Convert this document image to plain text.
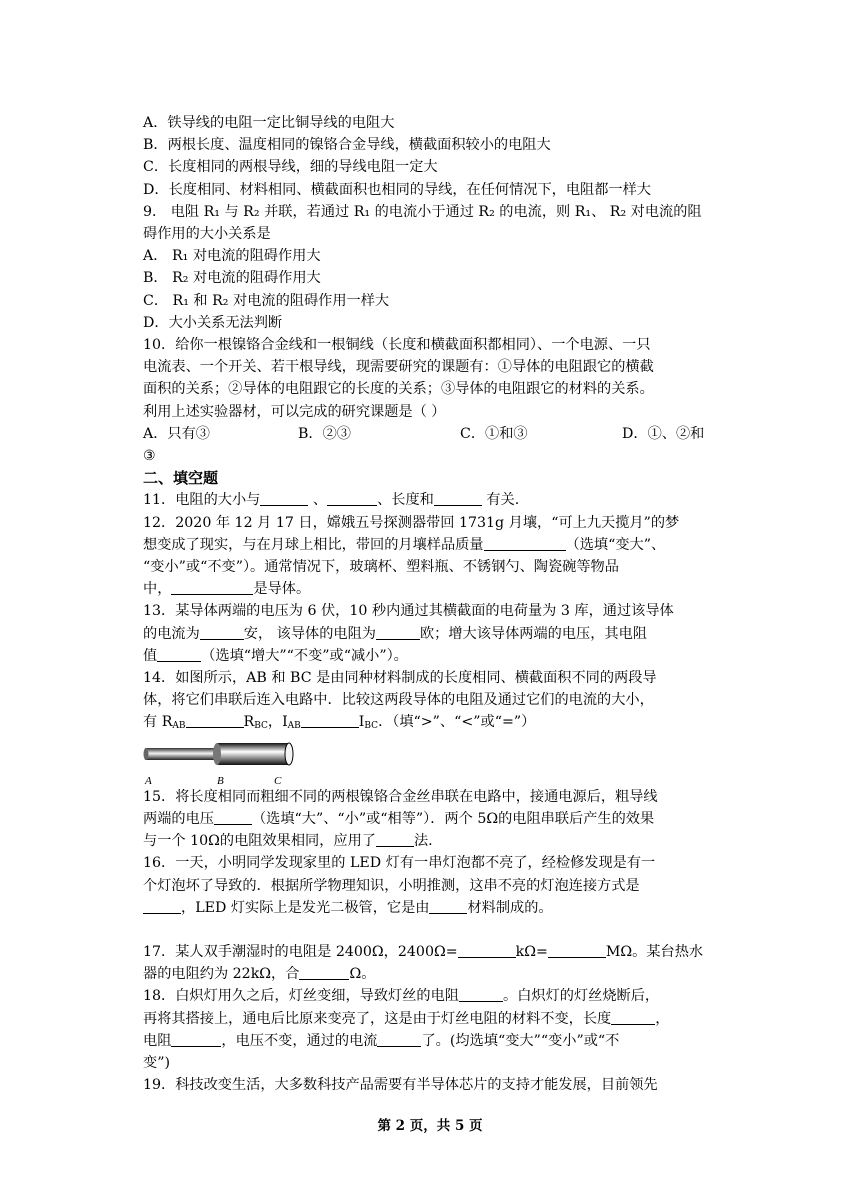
A．铁导线的电阻一定比铜导线的电阻大
B．两根长度、温度相同的镍铬合金导线，横截面积较小的电阻大
C．长度相同的两根导线，细的导线电阻一定大
D．长度相同、材料相同、横截面积也相同的导线，在任何情况下，电阻都一样大
9． 电阻 R₁ 与 R₂ 并联，若通过 R₁ 的电流小于通过 R₂ 的电流，则 R₁、 R₂ 对电流的阻
碍作用的大小关系是
A． R₁ 对电流的阻碍作用大
B． R₂ 对电流的阻碍作用大
C． R₁ 和 R₂ 对电流的阻碍作用一样大
D．大小关系无法判断
10．给你一根镍铬合金线和一根铜线（长度和横截面积都相同）、一个电源、一只
电流表、一个开关、若干根导线，现需要研究的课题有：①导体的电阻跟它的横截
面积的关系；②导体的电阻跟它的长度的关系；③导体的电阻跟它的材料的关系。
利用上述实验器材，可以完成的研究课题是（ ）
A．只有③	B．②③	C．①和③	D．①、②和
③
二、填空题
11．电阻的大小与	、	、长度和	有关.
12．2020 年 12 月 17 日，嫦娥五号探测器带回 1731g 月壤，“可上九天揽月”的梦
想变成了现实，与在月球上相比，带回的月壤样品质量	（选填“变大”、
“变小”或“不变”）。通常情况下，玻璃杯、塑料瓶、不锈钢勺、陶瓷碗等物品
中，	是导体。
13．某导体两端的电压为 6 伏，10 秒内通过其横截面的电荷量为 3 库，通过该导体
的电流为	安， 该导体的电阻为	欧；增大该导体两端的电压，其电阻
值	（选填“增大”“不变”或“减小”）。
14．如图所示，AB 和 BC 是由同种材料制成的长度相同、横截面积不同的两段导
体，将它们串联后连入电路中．比较这两段导体的电阻及通过它们的电流的大小，
有 $R_{AB}$	$R_{BC}$，$I_{AB}$	$I_{BC}$．（填“>”、“<”或“=”）
A	B	C
15．将长度相同而粗细不同的两根镍铬合金丝串联在电路中，接通电源后，粗导线
两端的电压	（选填“大”、“小”或“相等”）．两个 5Ω的电阻串联后产生的效果
与一个 10Ω的电阻效果相同，应用了	法.
16．一天，小明同学发现家里的 LED 灯有一串灯泡都不亮了，经检修发现是有一
个灯泡坏了导致的．根据所学物理知识，小明推测，这串不亮的灯泡连接方式是
，LED 灯实际上是发光二极管，它是由	材料制成的。
17．某人双手潮湿时的电阻是 2400Ω，2400Ω=	kΩ=	MΩ。某台热水
器的电阻约为 22kΩ，合	Ω。
18．白炽灯用久之后，灯丝变细，导致灯丝的电阻	。白炽灯的灯丝烧断后，
再将其搭接上，通电后比原来变亮了，这是由于灯丝电阻的材料不变，长度	，
电阻	，电压不变，通过的电流	了。(均选填“变大”“变小”或“不
变”)
19．科技改变生活，大多数科技产品需要有半导体芯片的支持才能发展，目前领先
第 2 页，共 5 页
